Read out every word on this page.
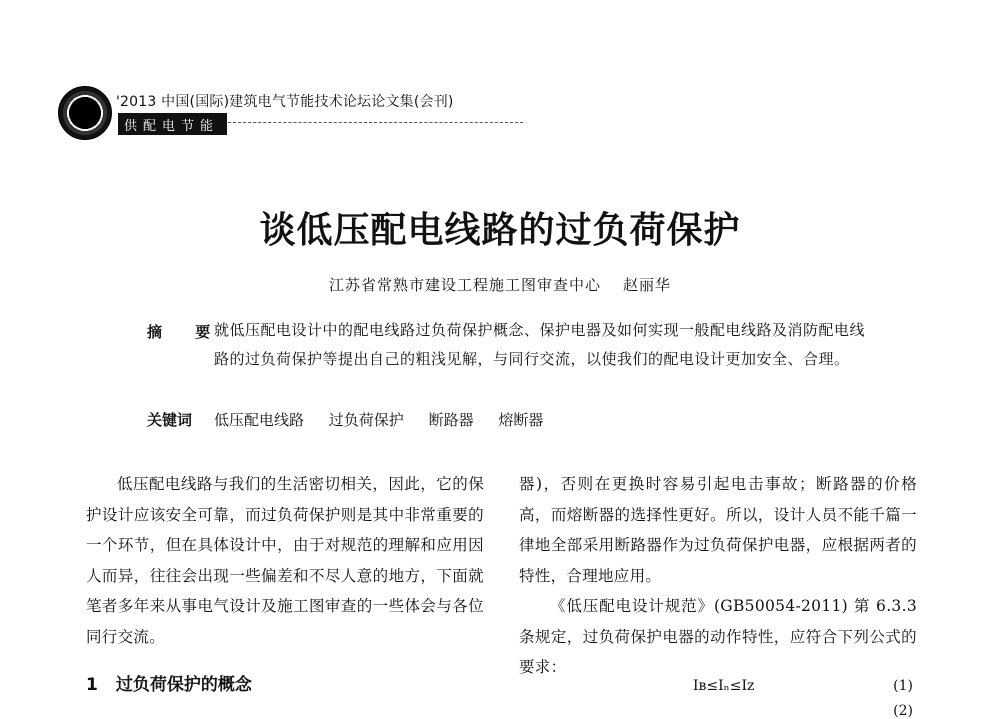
'2013 中国(国际)建筑电气节能技术论坛论文集(会刊)
供配电节能
谈低压配电线路的过负荷保护
江苏省常熟市建设工程施工图审查中心 赵丽华
摘 要
就低压配电设计中的配电线路过负荷保护概念、保护电器及如何实现一般配电线路及消防配电线路的过负荷保护等提出自己的粗浅见解，与同行交流，以使我们的配电设计更加安全、合理。
关键词 低压配电线路 过负荷保护 断路器 熔断器

低压配电线路与我们的生活密切相关，因此，它的保护设计应该安全可靠，而过负荷保护则是其中非常重要的一个环节，但在具体设计中，由于对规范的理解和应用因人而异，往往会出现一些偏差和不尽人意的地方，下面就笔者多年来从事电气设计及施工图审查的一些体会与各位同行交流。

1 过负荷保护的概念

器)，否则在更换时容易引起电击事故；断路器的价格高，而熔断器的选择性更好。所以，设计人员不能千篇一律地全部采用断路器作为过负荷保护电器，应根据两者的特性，合理地应用。

《低压配电设计规范》(GB50054-2011) 第 6.3.3 条规定，过负荷保护电器的动作特性，应符合下列公式的要求：

Iʙ≤Iₙ≤Iᴢ	(1)
(2)
